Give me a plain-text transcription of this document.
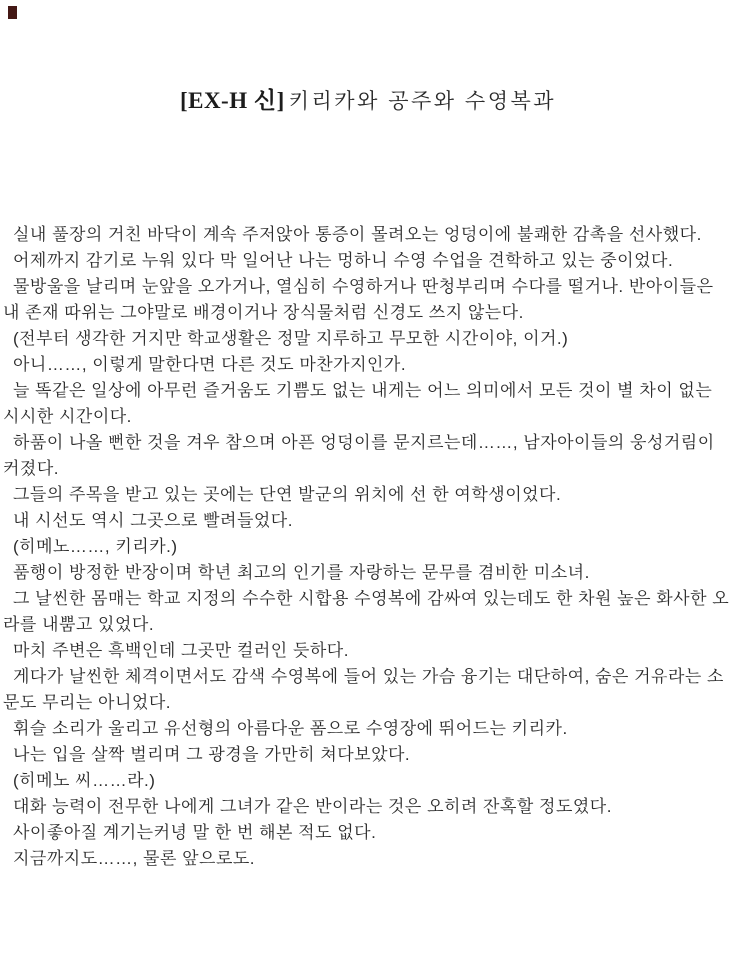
[EX-H 신] 키리카와 공주와 수영복과
실내 풀장의 거친 바닥이 계속 주저앉아 통증이 몰려오는 엉덩이에 불쾌한 감촉을 선사했다.
어제까지 감기로 누워 있다 막 일어난 나는 멍하니 수영 수업을 견학하고 있는 중이었다.
물방울을 날리며 눈앞을 오가거나, 열심히 수영하거나 딴청부리며 수다를 떨거나. 반아이들은 내 존재 따위는 그야말로 배경이거나 장식물처럼 신경도 쓰지 않는다.
(전부터 생각한 거지만 학교생활은 정말 지루하고 무모한 시간이야, 이거.)
아니……, 이렇게 말한다면 다른 것도 마찬가지인가.
늘 똑같은 일상에 아무런 즐거움도 기쁨도 없는 내게는 어느 의미에서 모든 것이 별 차이 없는 시시한 시간이다.
하품이 나올 뻔한 것을 겨우 참으며 아픈 엉덩이를 문지르는데……, 남자아이들의 웅성거림이 커졌다.
그들의 주목을 받고 있는 곳에는 단연 발군의 위치에 선 한 여학생이었다.
내 시선도 역시 그곳으로 빨려들었다.
(히메노……, 키리카.)
품행이 방정한 반장이며 학년 최고의 인기를 자랑하는 문무를 겸비한 미소녀.
그 날씬한 몸매는 학교 지정의 수수한 시합용 수영복에 감싸여 있는데도 한 차원 높은 화사한 오라를 내뿜고 있었다.
마치 주변은 흑백인데 그곳만 컬러인 듯하다.
게다가 날씬한 체격이면서도 감색 수영복에 들어 있는 가슴 융기는 대단하여, 숨은 거유라는 소문도 무리는 아니었다.
휘슬 소리가 울리고 유선형의 아름다운 폼으로 수영장에 뛰어드는 키리카.
나는 입을 살짝 벌리며 그 광경을 가만히 쳐다보았다.
(히메노 씨……라.)
대화 능력이 전무한 나에게 그녀가 같은 반이라는 것은 오히려 잔혹할 정도였다.
사이좋아질 계기는커녕 말 한 번 해본 적도 없다.
지금까지도……, 물론 앞으로도.
